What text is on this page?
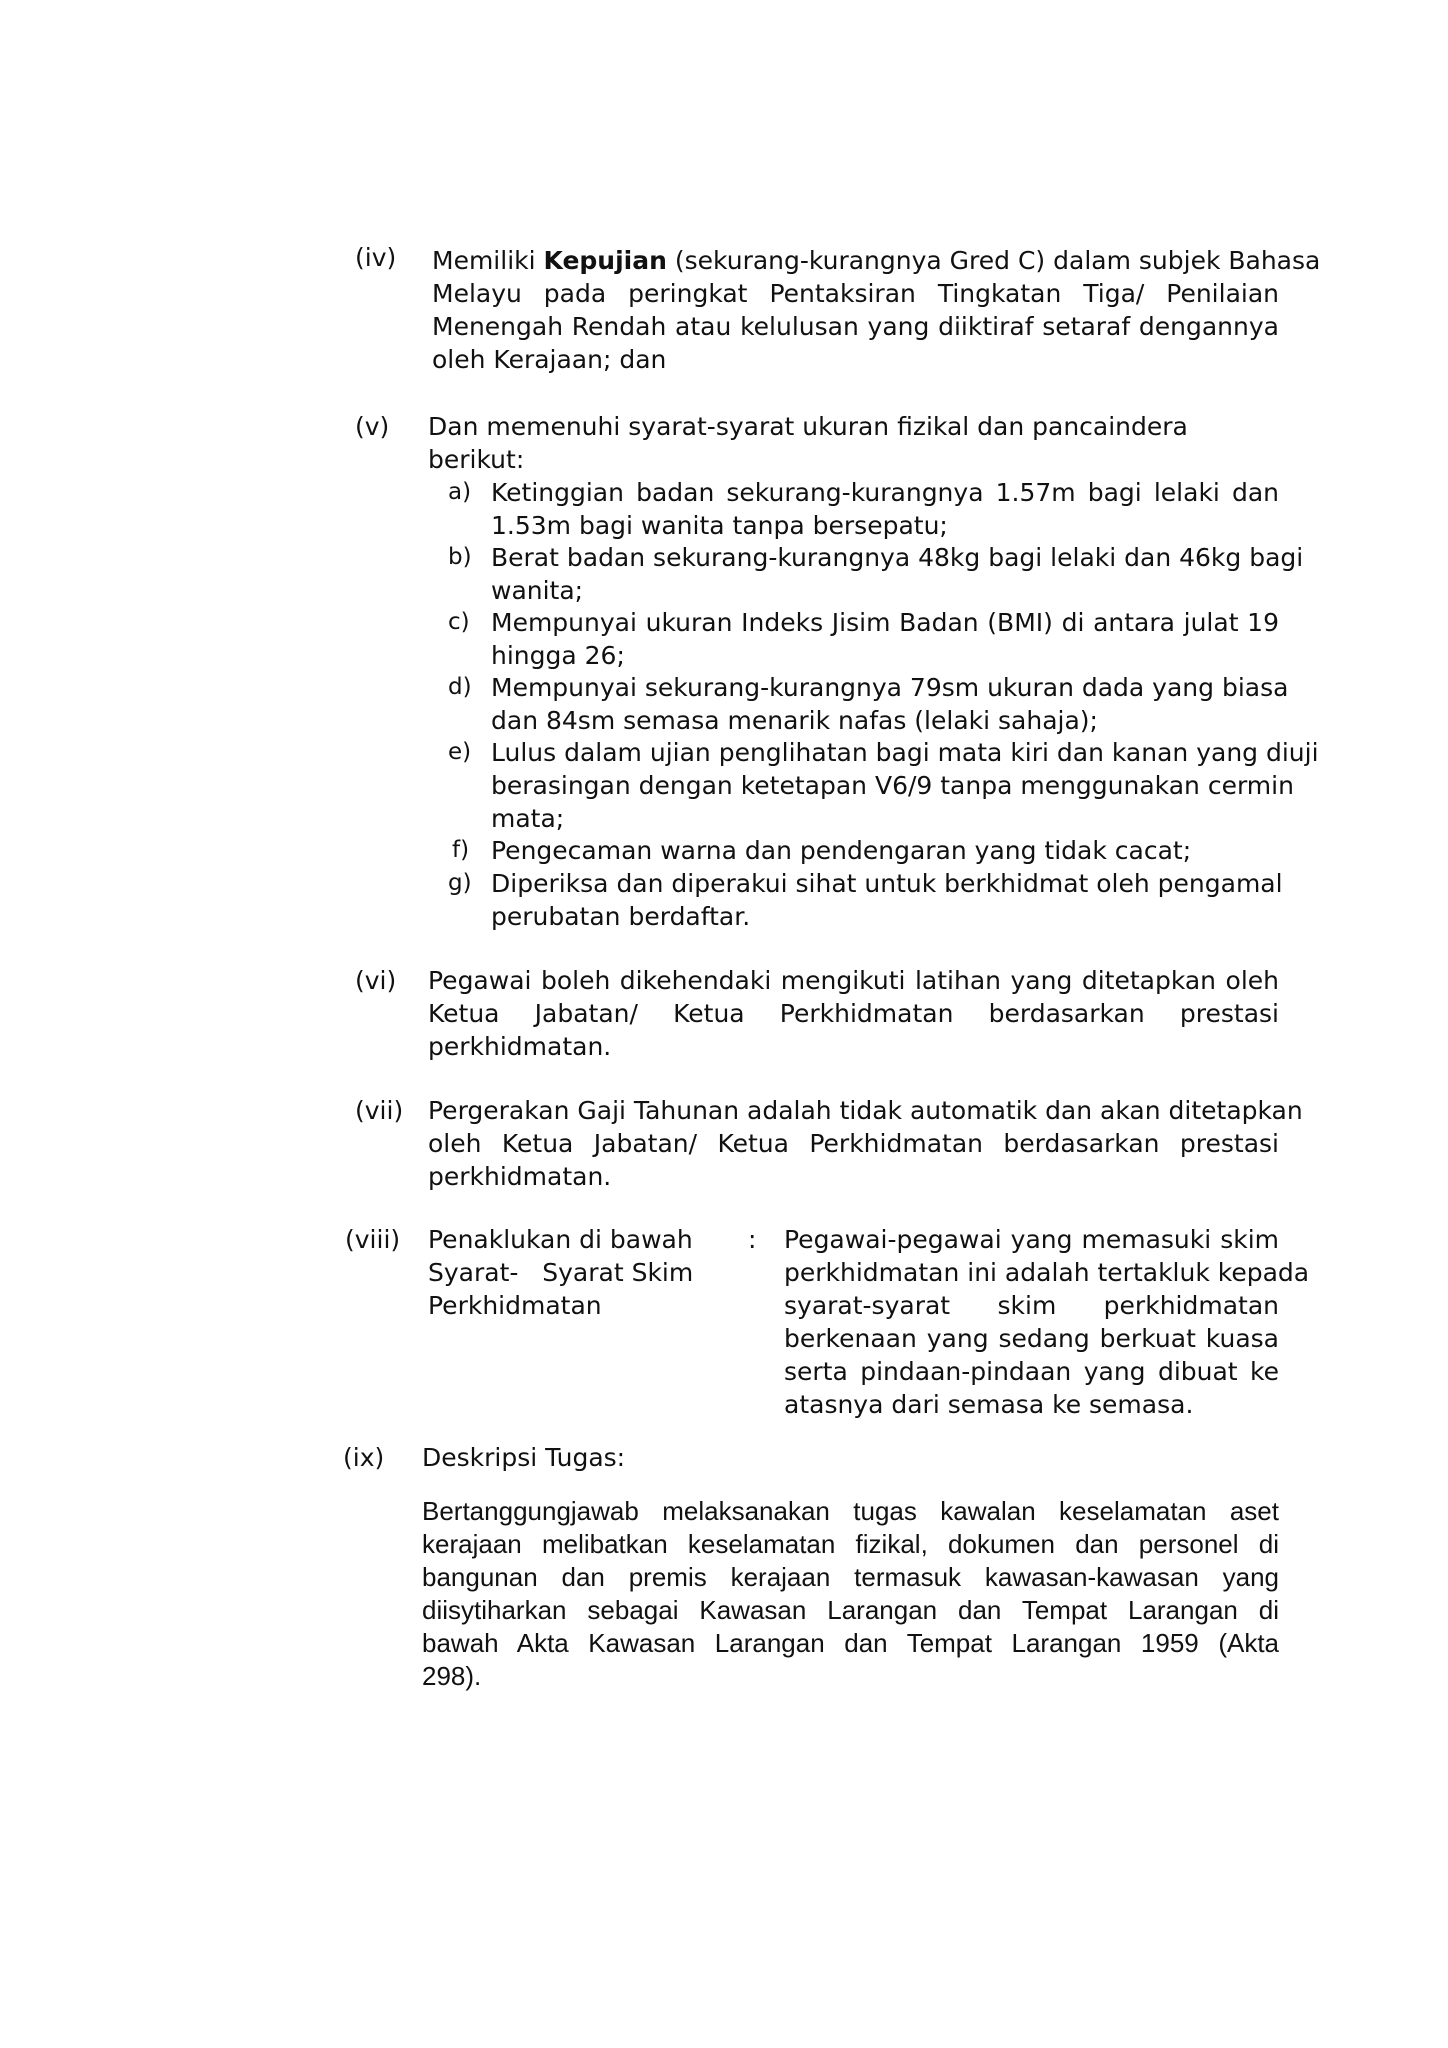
(iv) Memiliki Kepujian (sekurang-kurangnya Gred C) dalam subjek Bahasa
Melayu pada peringkat Pentaksiran Tingkatan Tiga/ Penilaian
Menengah Rendah atau kelulusan yang diiktiraf setaraf dengannya
oleh Kerajaan; dan
(v) Dan memenuhi syarat-syarat ukuran fizikal dan pancaindera berikut:
a) Ketinggian badan sekurang-kurangnya 1.57m bagi lelaki dan
1.53m bagi wanita tanpa bersepatu;
b) Berat badan sekurang-kurangnya 48kg bagi lelaki dan 46kg bagi
wanita;
c) Mempunyai ukuran Indeks Jisim Badan (BMI) di antara julat 19
hingga 26;
d) Mempunyai sekurang-kurangnya 79sm ukuran dada yang biasa
dan 84sm semasa menarik nafas (lelaki sahaja);
e) Lulus dalam ujian penglihatan bagi mata kiri dan kanan yang diuji
berasingan dengan ketetapan V6/9 tanpa menggunakan cermin
mata;
f) Pengecaman warna dan pendengaran yang tidak cacat;
g) Diperiksa dan diperakui sihat untuk berkhidmat oleh pengamal
perubatan berdaftar.
(vi) Pegawai boleh dikehendaki mengikuti latihan yang ditetapkan oleh
Ketua Jabatan/ Ketua Perkhidmatan berdasarkan prestasi
perkhidmatan.
(vii) Pergerakan Gaji Tahunan adalah tidak automatik dan akan ditetapkan
oleh Ketua Jabatan/ Ketua Perkhidmatan berdasarkan prestasi
perkhidmatan.
(viii) Penaklukan di bawah
Syarat-   Syarat Skim
Perkhidmatan
: Pegawai-pegawai yang memasuki skim
perkhidmatan ini adalah tertakluk kepada
syarat-syarat skim perkhidmatan
berkenaan yang sedang berkuat kuasa
serta pindaan-pindaan yang dibuat ke
atasnya dari semasa ke semasa.
(ix) Deskripsi Tugas:
Bertanggungjawab melaksanakan tugas kawalan keselamatan aset
kerajaan melibatkan keselamatan fizikal, dokumen dan personel di
bangunan dan premis kerajaan termasuk kawasan-kawasan yang
diisytiharkan sebagai Kawasan Larangan dan Tempat Larangan di
bawah Akta Kawasan Larangan dan Tempat Larangan 1959 (Akta
298).
